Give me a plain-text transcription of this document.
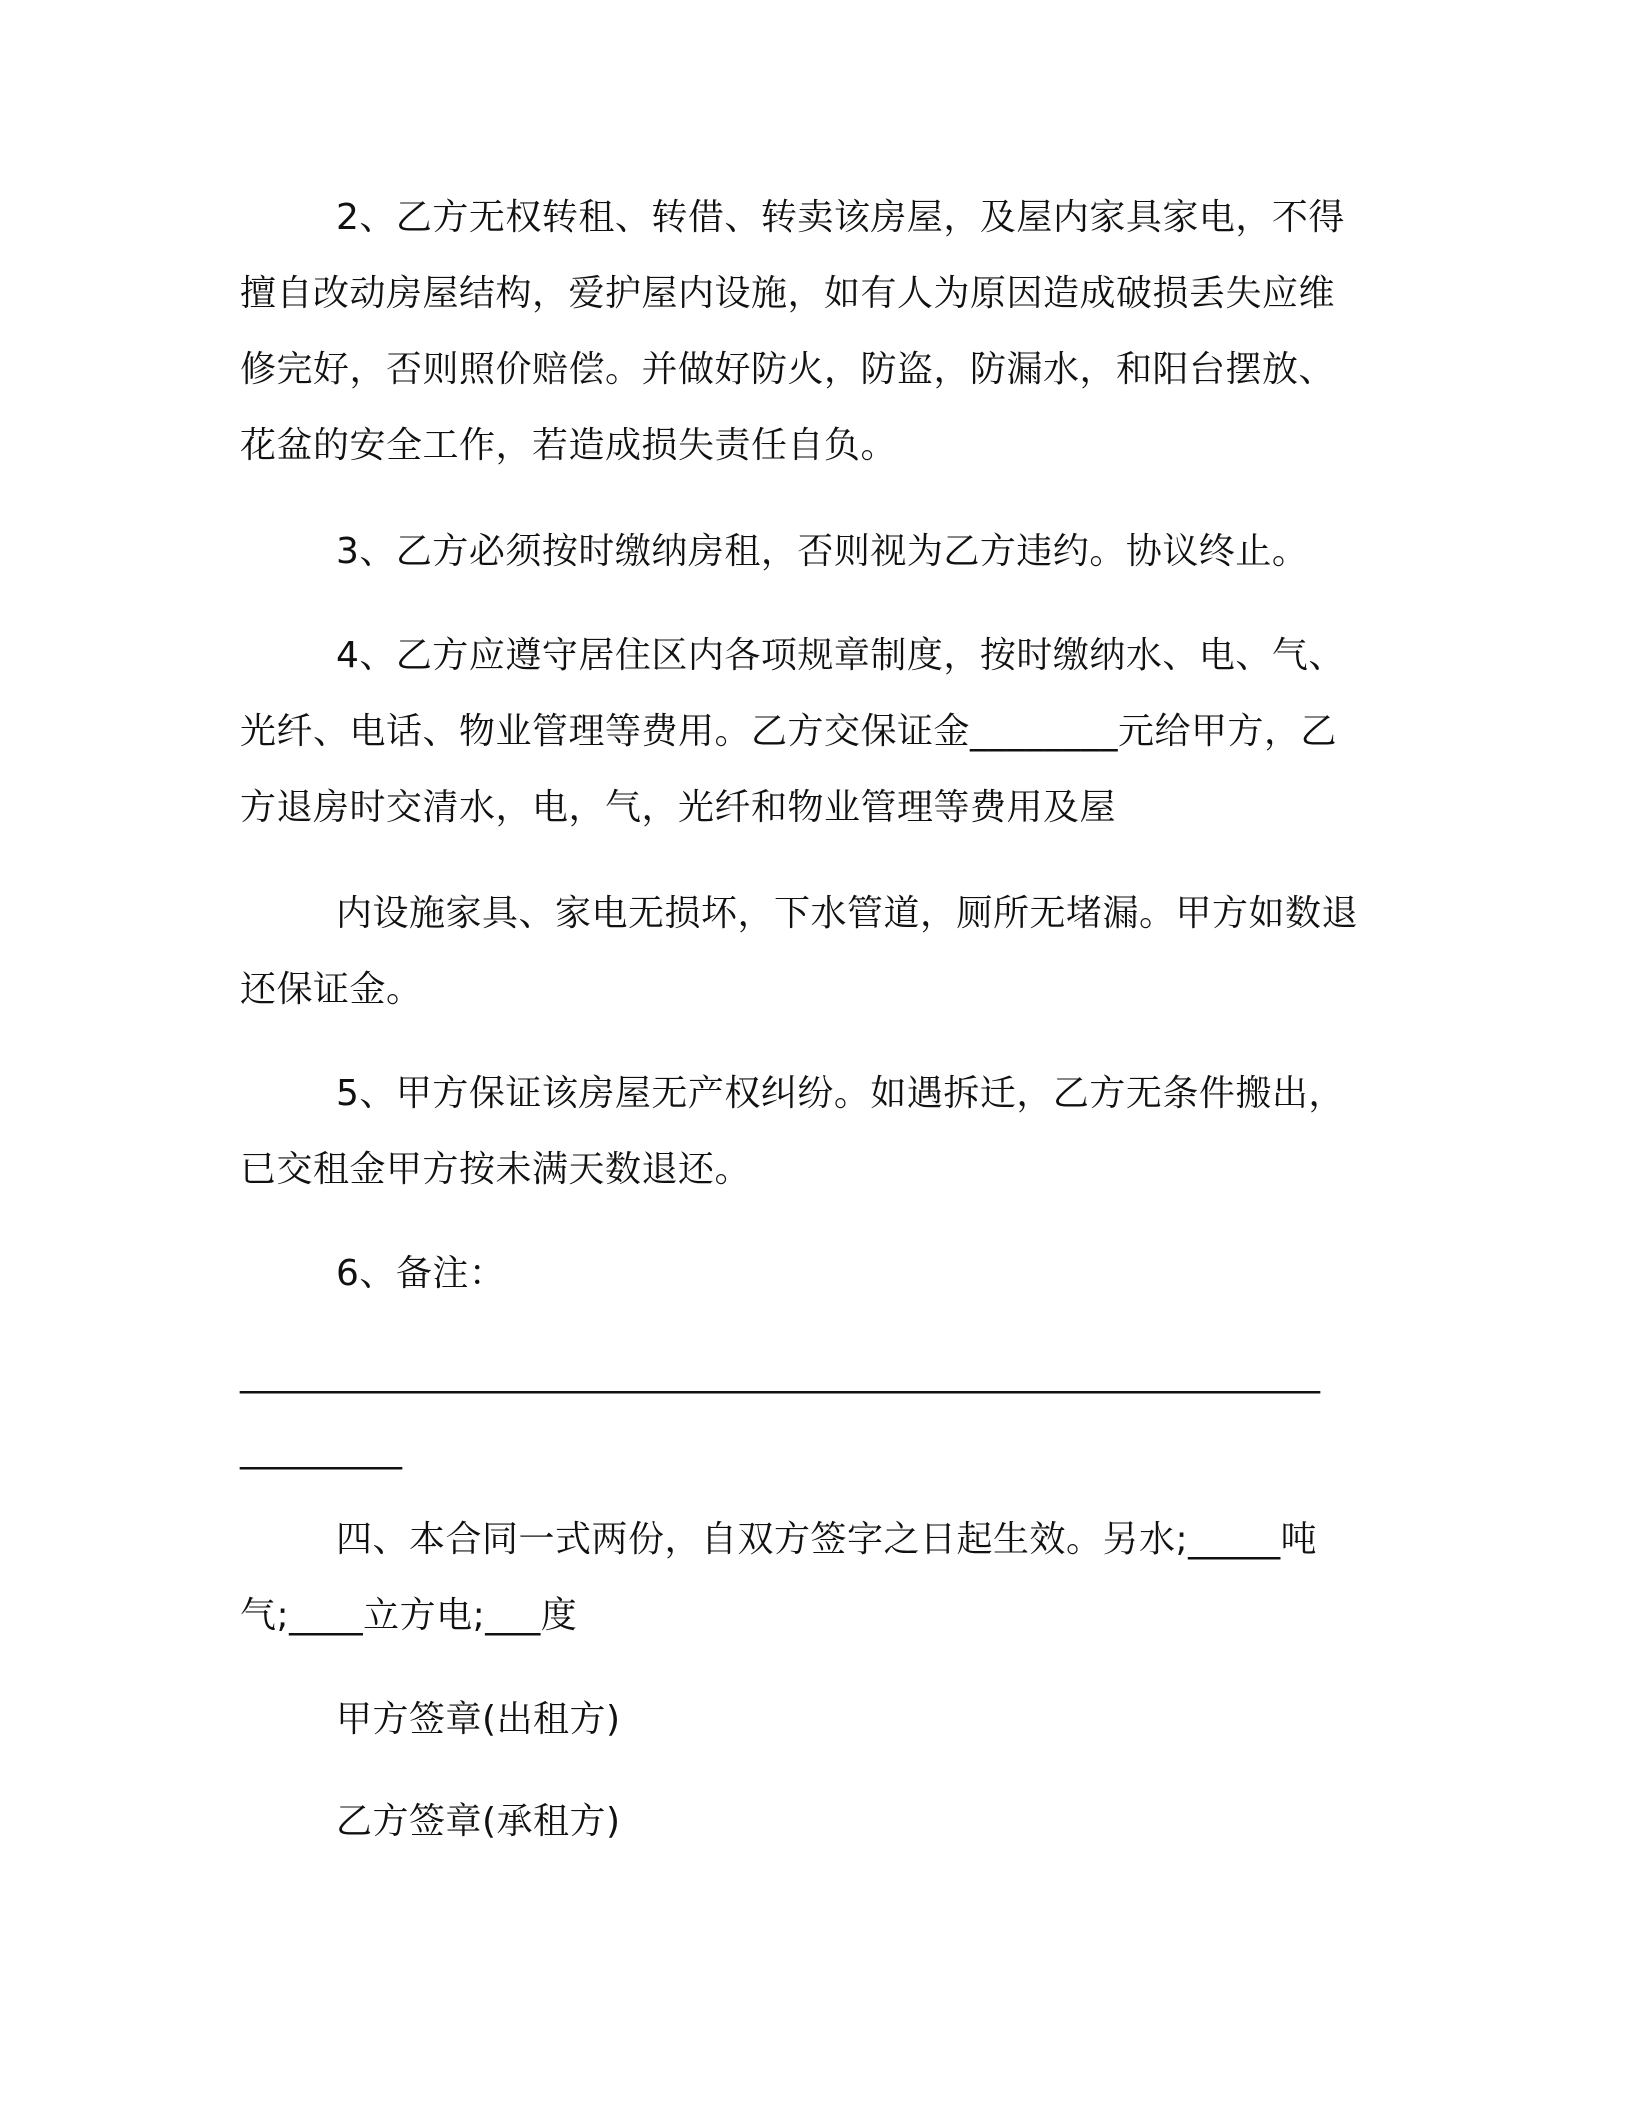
2、乙方无权转租、转借、转卖该房屋，及屋内家具家电，不得
擅自改动房屋结构，爱护屋内设施，如有人为原因造成破损丢失应维
修完好，否则照价赔偿。并做好防火，防盗，防漏水，和阳台摆放、
花盆的安全工作，若造成损失责任自负。
3、乙方必须按时缴纳房租，否则视为乙方违约。协议终止。
4、乙方应遵守居住区内各项规章制度，按时缴纳水、电、气、
光纤、电话、物业管理等费用。乙方交保证金________元给甲方，乙
方退房时交清水，电，气，光纤和物业管理等费用及屋
内设施家具、家电无损坏，下水管道，厕所无堵漏。甲方如数退
还保证金。
5、甲方保证该房屋无产权纠纷。如遇拆迁，乙方无条件搬出，
已交租金甲方按未满天数退还。
6、备注：
____________________________________________________________
_________
四、本合同一式两份，自双方签字之日起生效。另水;_____吨
气;____立方电;___度
甲方签章(出租方)
乙方签章(承租方)
